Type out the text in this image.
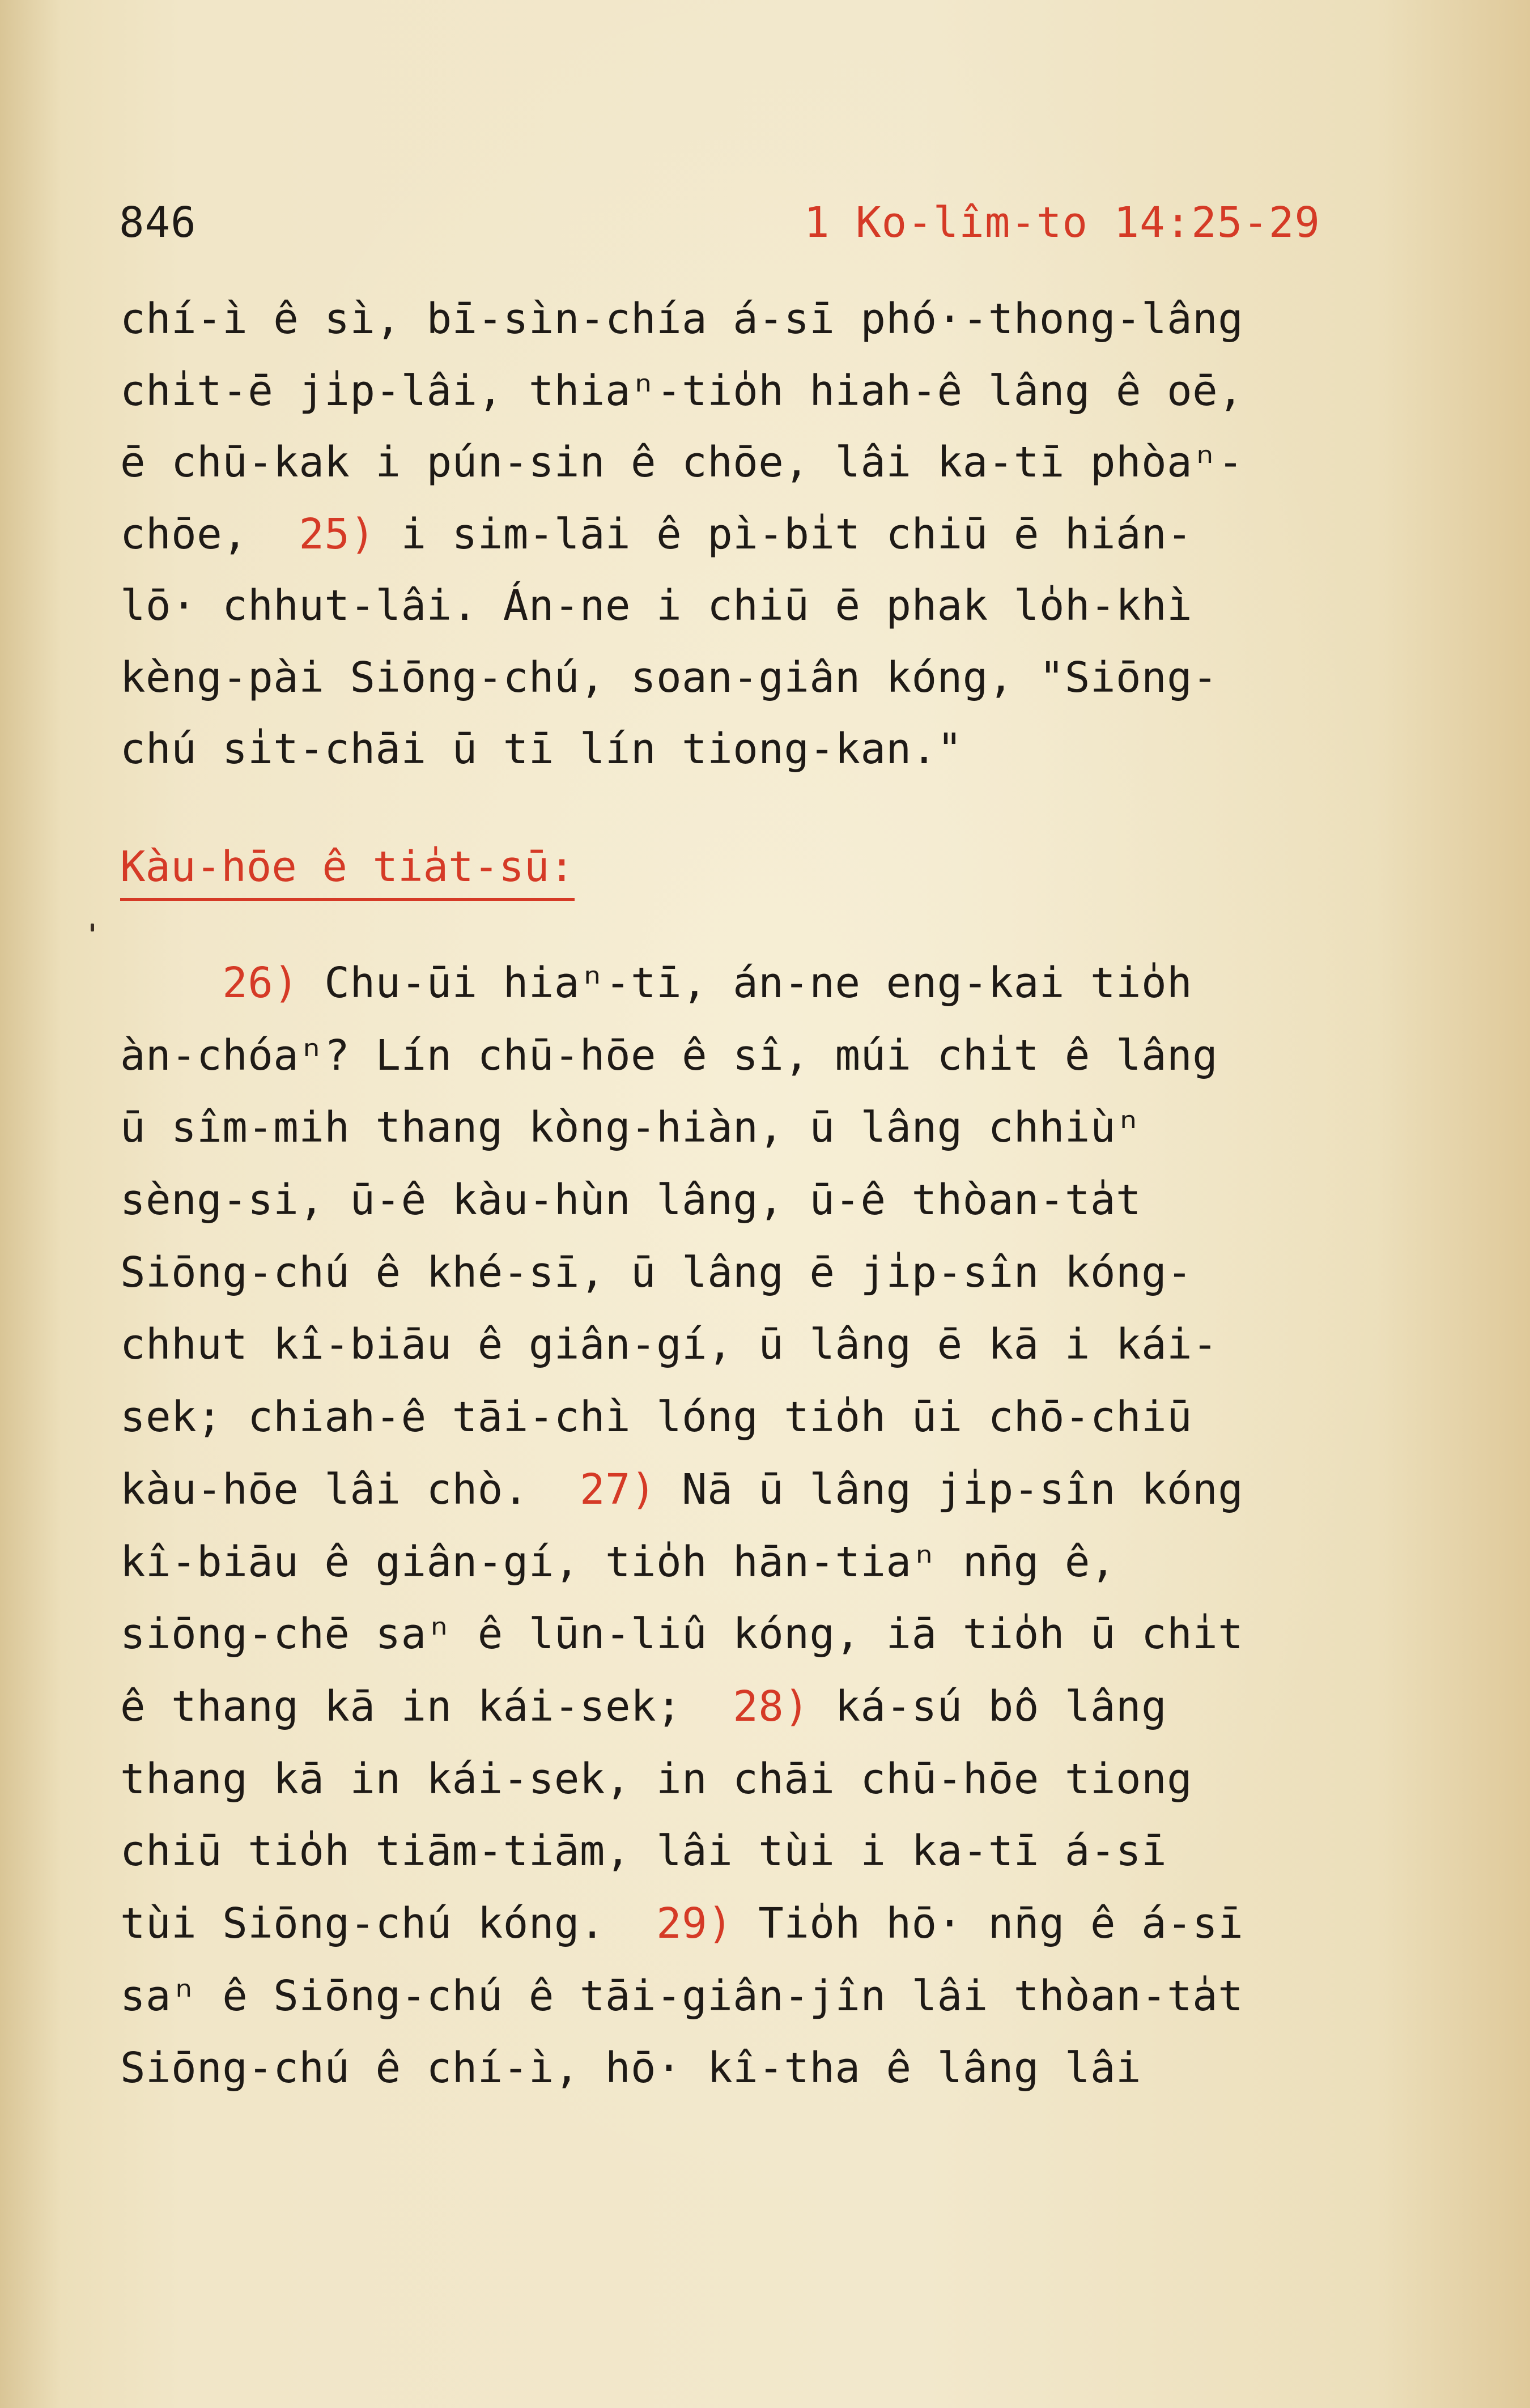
846	1 Ko-lîm-to 14:25-29
chí-ì ê sì, bī-sìn-chía á-sī phó·-thong-lâng
chi̍t-ē ji̍p-lâi, thiaⁿ-tio̍h hiah-ê lâng ê oē,
ē chū-kak i pún-sin ê chōe, lâi ka-tī phòaⁿ-
chōe,  25) i sim-lāi ê pì-bi̍t chiū ē hián-
lō· chhut-lâi. Án-ne i chiū ē phak lo̍h-khì
kèng-pài Siōng-chú, soan-giân kóng, "Siōng-
chú si̍t-chāi ū tī lín tiong-kan."
Kàu-hōe ê tia̍t-sū:
26) Chu-ūi hiaⁿ-tī, án-ne eng-kai tio̍h
àn-chóaⁿ? Lín chū-hōe ê sî, múi chi̍t ê lâng
ū sîm-mih thang kòng-hiàn, ū lâng chhiùⁿ
sèng-si, ū-ê kàu-hùn lâng, ū-ê thòan-ta̍t
Siōng-chú ê khé-sī, ū lâng ē ji̍p-sîn kóng-
chhut kî-biāu ê giân-gí, ū lâng ē kā i kái-
sek; chiah-ê tāi-chì lóng tio̍h ūi chō-chiū
kàu-hōe lâi chò.  27) Nā ū lâng ji̍p-sîn kóng
kî-biāu ê giân-gí, tio̍h hān-tiaⁿ nn̄g ê,
siōng-chē saⁿ ê lūn-liû kóng, iā tio̍h ū chi̍t
ê thang kā in kái-sek;  28) ká-sú bô lâng
thang kā in kái-sek, in chāi chū-hōe tiong
chiū tio̍h tiām-tiām, lâi tùi i ka-tī á-sī
tùi Siōng-chú kóng.  29) Tio̍h hō· nn̄g ê á-sī
saⁿ ê Siōng-chú ê tāi-giân-jîn lâi thòan-ta̍t
Siōng-chú ê chí-ì, hō· kî-tha ê lâng lâi
